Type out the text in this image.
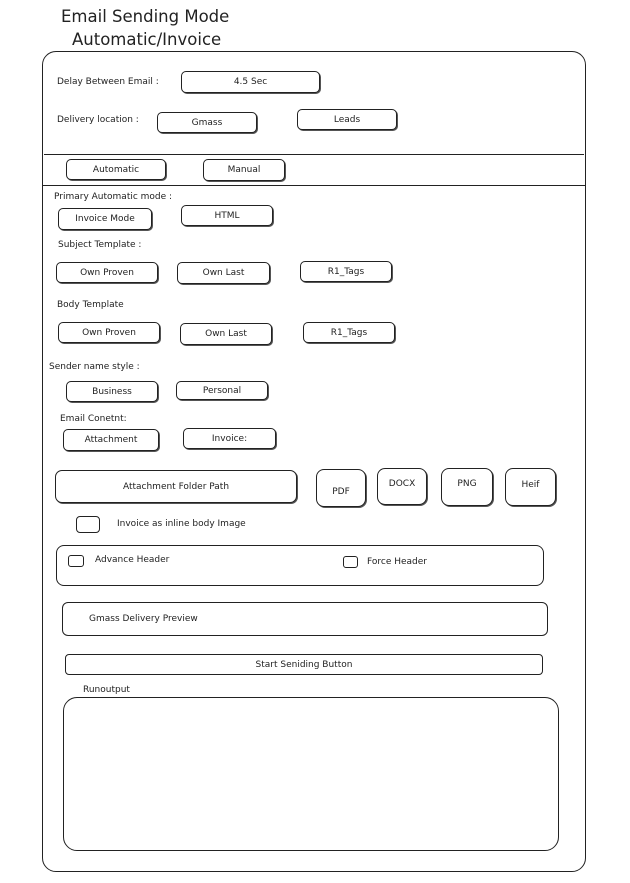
Email Sending Mode
Automatic/Invoice
Delay Between Email :	4.5 Sec
Delivery location :	Gmass	Leads
Automatic	Manual
Primary Automatic mode :
Invoice Mode	HTML
Subject Template :
Own Proven	Own Last	R1_Tags
Body Template
Own Proven	Own Last	R1_Tags
Sender name style :
Business	Personal
Email Conetnt:
Attachment	Invoice:
Attachment Folder Path
PDF
DOCX	PNG	Heif
Invoice as inline body Image
Advance Header	Force Header
Gmass Delivery Preview
Start Seniding Button
Runoutput
